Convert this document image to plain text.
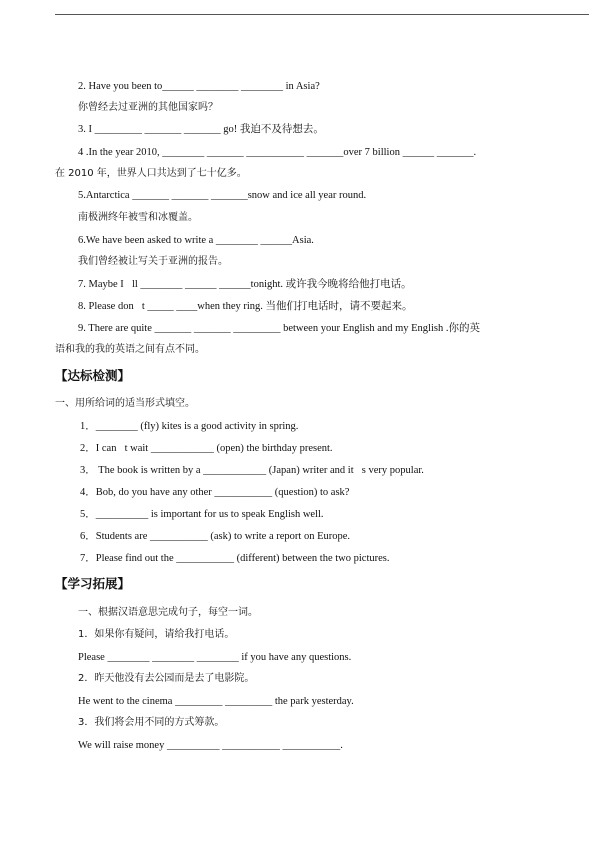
2. Have you been to______ ________ ________ in Asia?
你曾经去过亚洲的其他国家吗？
3. I _________ _______ _______ go! 我迫不及待想去。
4 .In the year 2010, ________ _______ ___________ _______over 7 billion ______ _______.
在 2010 年，世界人口共达到了七十亿多。
5.Antarctica _______ _______ _______snow and ice all year round.
南极洲终年被雪和冰覆盖。
6.We have been asked to write a ________ ______Asia.
我们曾经被让写关于亚洲的报告。
7. Maybe I ll ________ ______ ______tonight. 或许我今晚将给他打电话。
8. Please don t _____ ____when they ring. 当他们打电话时，请不要起来。
9. There are quite _______ _______ _________ between your English and my English .你的英
语和我的我的英语之间有点不同。
【达标检测】
一、用所给词的适当形式填空。
1．________ (fly) kites is a good activity in spring.
2．I can t wait ____________ (open) the birthday present.
3． The book is written by a ____________ (Japan) writer and it s very popular.
4．Bob, do you have any other ___________ (question) to ask?
5．__________ is important for us to speak English well.
6．Students are ___________ (ask) to write a report on Europe.
7．Please find out the ___________ (different) between the two pictures.
【学习拓展】
一、根据汉语意思完成句子，每空一词。
1．如果你有疑问，请给我打电话。
Please ________ ________ ________ if you have any questions.
2．昨天他没有去公园而是去了电影院。
He went to the cinema _________ _________ the park yesterday.
3．我们将会用不同的方式筹款。
We will raise money __________ ___________ ___________.
